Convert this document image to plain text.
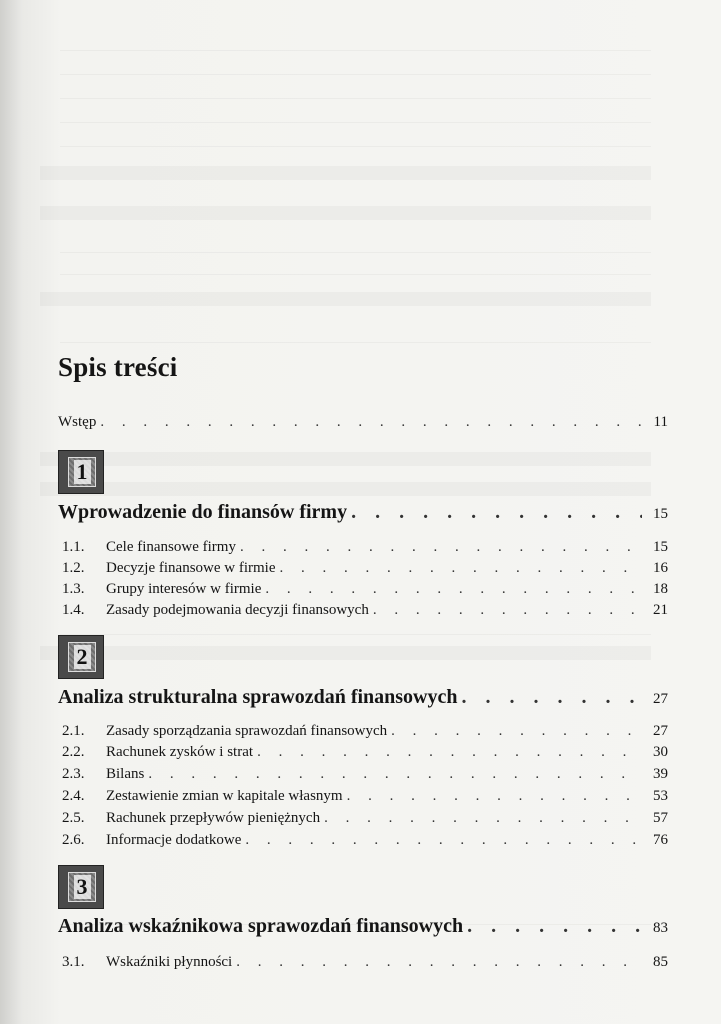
Spis treści
Wstęp . . .	11
1
Wprowadzenie do finansów firmy . . .	15
1.1.	Cele finansowe firmy . . .	15
1.2.	Decyzje finansowe w firmie . . .	16
1.3.	Grupy interesów w firmie . . .	18
1.4.	Zasady podejmowania decyzji finansowych . . .	21
2
Analiza strukturalna sprawozdań finansowych . . .	27
2.1.	Zasady sporządzania sprawozdań finansowych . . .	27
2.2.	Rachunek zysków i strat . . .	30
2.3.	Bilans . . .	39
2.4.	Zestawienie zmian w kapitale własnym . . .	53
2.5.	Rachunek przepływów pieniężnych . . .	57
2.6.	Informacje dodatkowe . . .	76
3
Analiza wskaźnikowa sprawozdań finansowych . . .	83
3.1.	Wskaźniki płynności . . .	85
